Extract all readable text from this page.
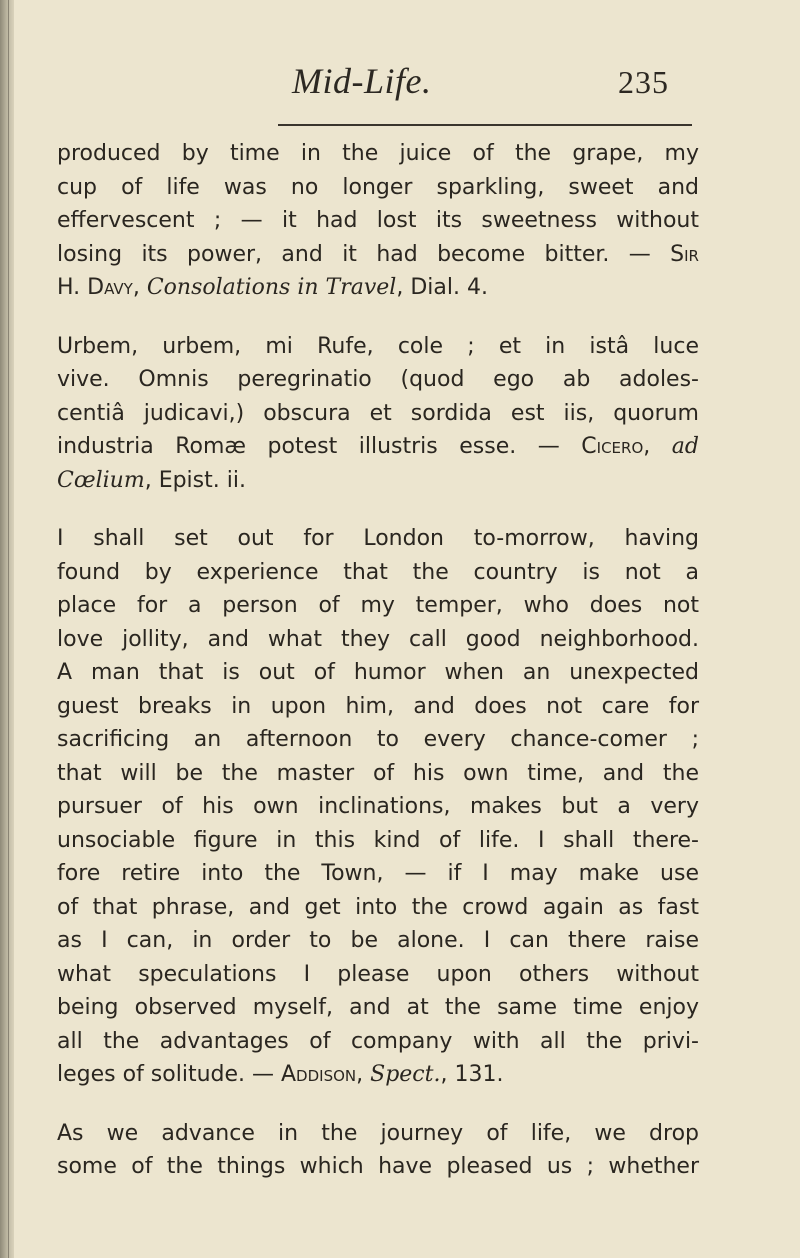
Mid-Life.	235
produced by time in the juice of the grape, my
cup of life was no longer sparkling, sweet and
effervescent ; — it had lost its sweetness without
losing its power, and it had become bitter. — Sir
H. Davy, Consolations in Travel, Dial. 4.
Urbem, urbem, mi Rufe, cole ; et in istâ luce
vive. Omnis peregrinatio (quod ego ab adoles-
centiâ judicavi,) obscura et sordida est iis, quorum
industria Romæ potest illustris esse. — Cicero, ad
Cœlium, Epist. ii.
I shall set out for London to-morrow, having
found by experience that the country is not a
place for a person of my temper, who does not
love jollity, and what they call good neighborhood.
A man that is out of humor when an unexpected
guest breaks in upon him, and does not care for
sacrificing an afternoon to every chance-comer ;
that will be the master of his own time, and the
pursuer of his own inclinations, makes but a very
unsociable figure in this kind of life. I shall there-
fore retire into the Town, — if I may make use
of that phrase, and get into the crowd again as fast
as I can, in order to be alone. I can there raise
what speculations I please upon others without
being observed myself, and at the same time enjoy
all the advantages of company with all the privi-
leges of solitude. — Addison, Spect., 131.
As we advance in the journey of life, we drop
some of the things which have pleased us ; whether
